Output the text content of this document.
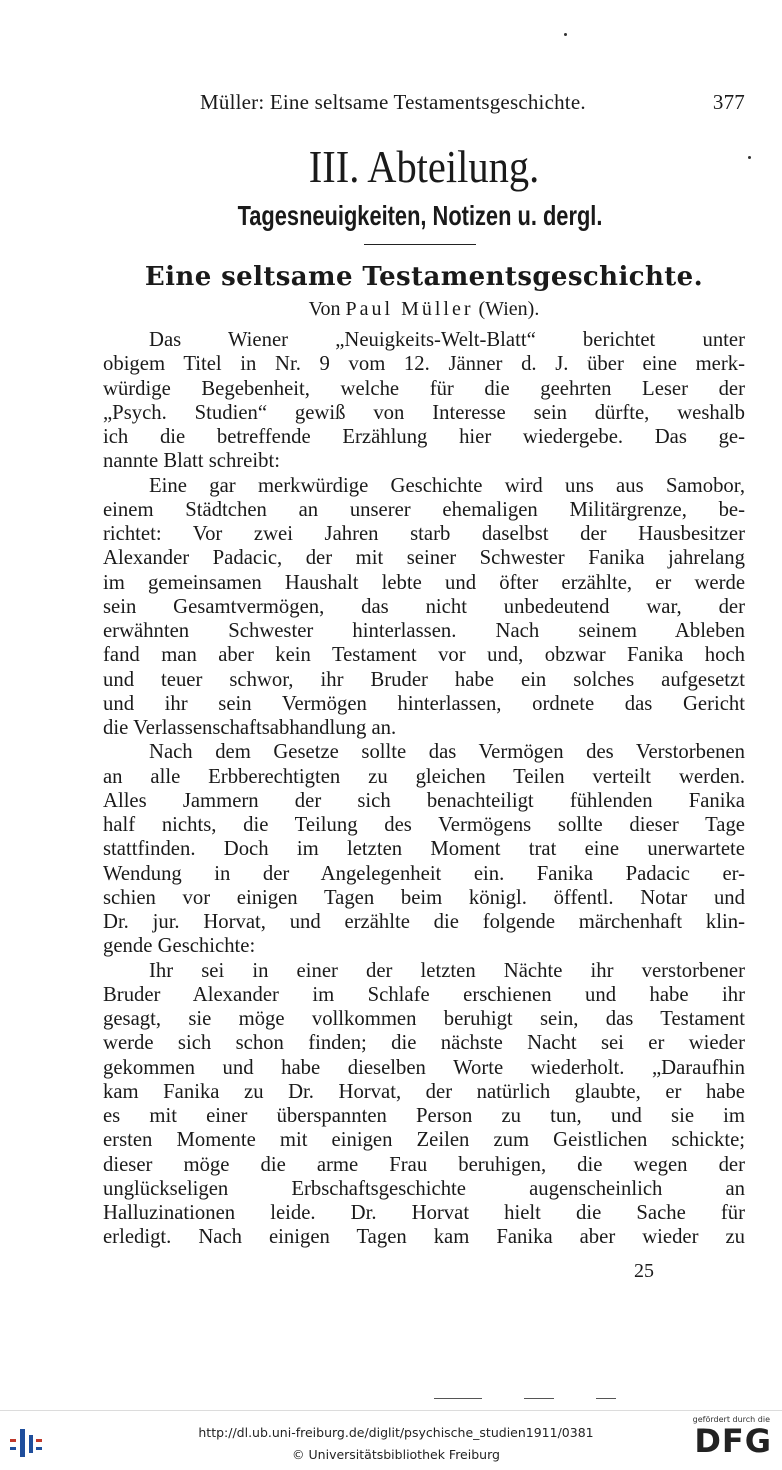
Müller: Eine seltsame Testamentsgeschichte.	377
III. Abteilung.
Tagesneuigkeiten, Notizen u. dergl.
Eine seltsame Testamentsgeschichte.
Von Paul Müller (Wien).
Das Wiener „Neuigkeits-Welt-Blatt“ berichtet unter
obigem Titel in Nr. 9 vom 12. Jänner d. J. über eine merk-
würdige Begebenheit, welche für die geehrten Leser der
„Psych. Studien“ gewiß von Interesse sein dürfte, weshalb
ich die betreffende Erzählung hier wiedergebe. Das ge-
nannte Blatt schreibt:
Eine gar merkwürdige Geschichte wird uns aus Samobor,
einem Städtchen an unserer ehemaligen Militärgrenze, be-
richtet: Vor zwei Jahren starb daselbst der Hausbesitzer
Alexander Padacic, der mit seiner Schwester Fanika jahrelang
im gemeinsamen Haushalt lebte und öfter erzählte, er werde
sein Gesamtvermögen, das nicht unbedeutend war, der
erwähnten Schwester hinterlassen. Nach seinem Ableben
fand man aber kein Testament vor und, obzwar Fanika hoch
und teuer schwor, ihr Bruder habe ein solches aufgesetzt
und ihr sein Vermögen hinterlassen, ordnete das Gericht
die Verlassenschaftsabhandlung an.
Nach dem Gesetze sollte das Vermögen des Verstorbenen
an alle Erbberechtigten zu gleichen Teilen verteilt werden.
Alles Jammern der sich benachteiligt fühlenden Fanika
half nichts, die Teilung des Vermögens sollte dieser Tage
stattfinden. Doch im letzten Moment trat eine unerwartete
Wendung in der Angelegenheit ein. Fanika Padacic er-
schien vor einigen Tagen beim königl. öffentl. Notar und
Dr. jur. Horvat, und erzählte die folgende märchenhaft klin-
gende Geschichte:
Ihr sei in einer der letzten Nächte ihr verstorbener
Bruder Alexander im Schlafe erschienen und habe ihr
gesagt, sie möge vollkommen beruhigt sein, das Testament
werde sich schon finden; die nächste Nacht sei er wieder
gekommen und habe dieselben Worte wiederholt. „Daraufhin
kam Fanika zu Dr. Horvat, der natürlich glaubte, er habe
es mit einer überspannten Person zu tun, und sie im
ersten Momente mit einigen Zeilen zum Geistlichen schickte;
dieser möge die arme Frau beruhigen, die wegen der
unglückseligen Erbschaftsgeschichte augenscheinlich an
Halluzinationen leide. Dr. Horvat hielt die Sache für
erledigt. Nach einigen Tagen kam Fanika aber wieder zu
25
http://dl.ub.uni-freiburg.de/diglit/psychische_studien1911/0381
© Universitätsbibliothek Freiburg
gefördert durch die
DFG
